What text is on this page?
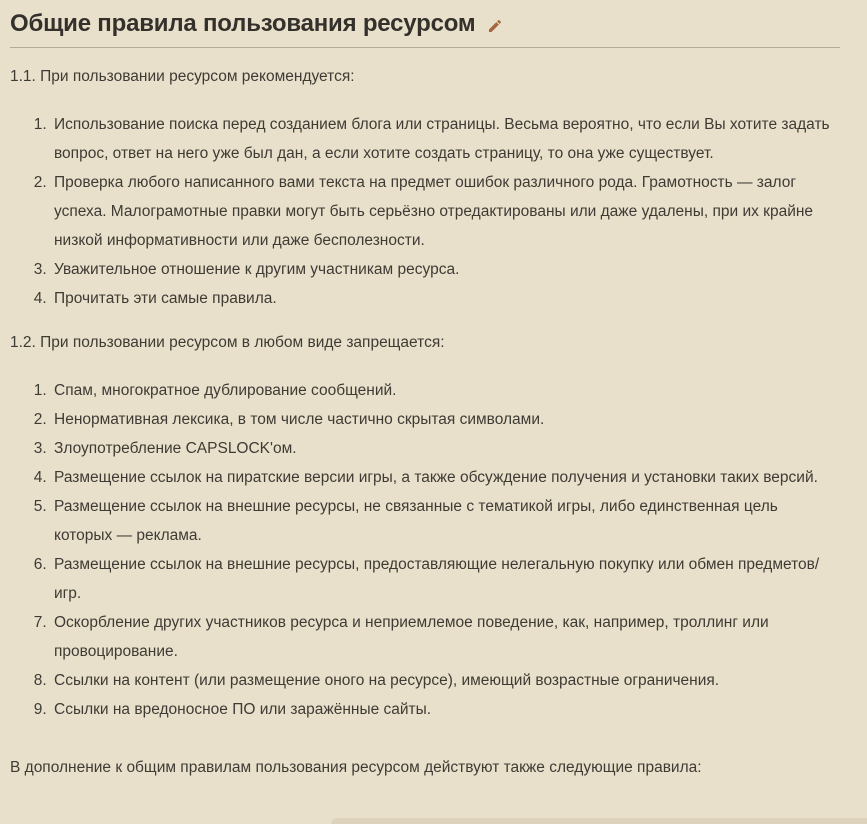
Общие правила пользования ресурсом

1.1. При пользовании ресурсом рекомендуется:

1. Использование поиска перед созданием блога или страницы. Весьма вероятно, что если Вы хотите задать вопрос, ответ на него уже был дан, а если хотите создать страницу, то она уже существует.
2. Проверка любого написанного вами текста на предмет ошибок различного рода. Грамотность — залог успеха. Малограмотные правки могут быть серьёзно отредактированы или даже удалены, при их крайне низкой информативности или даже бесполезности.
3. Уважительное отношение к другим участникам ресурса.
4. Прочитать эти самые правила.

1.2. При пользовании ресурсом в любом виде запрещается:

1. Спам, многократное дублирование сообщений.
2. Ненормативная лексика, в том числе частично скрытая символами.
3. Злоупотребление CAPSLOCK'ом.
4. Размещение ссылок на пиратские версии игры, а также обсуждение получения и установки таких версий.
5. Размещение ссылок на внешние ресурсы, не связанные с тематикой игры, либо единственная цель которых — реклама.
6. Размещение ссылок на внешние ресурсы, предоставляющие нелегальную покупку или обмен предметов/игр.
7. Оскорбление других участников ресурса и неприемлемое поведение, как, например, троллинг или провоцирование.
8. Ссылки на контент (или размещение оного на ресурсе), имеющий возрастные ограничения.
9. Ссылки на вредоносное ПО или заражённые сайты.

В дополнение к общим правилам пользования ресурсом действуют также следующие правила:
